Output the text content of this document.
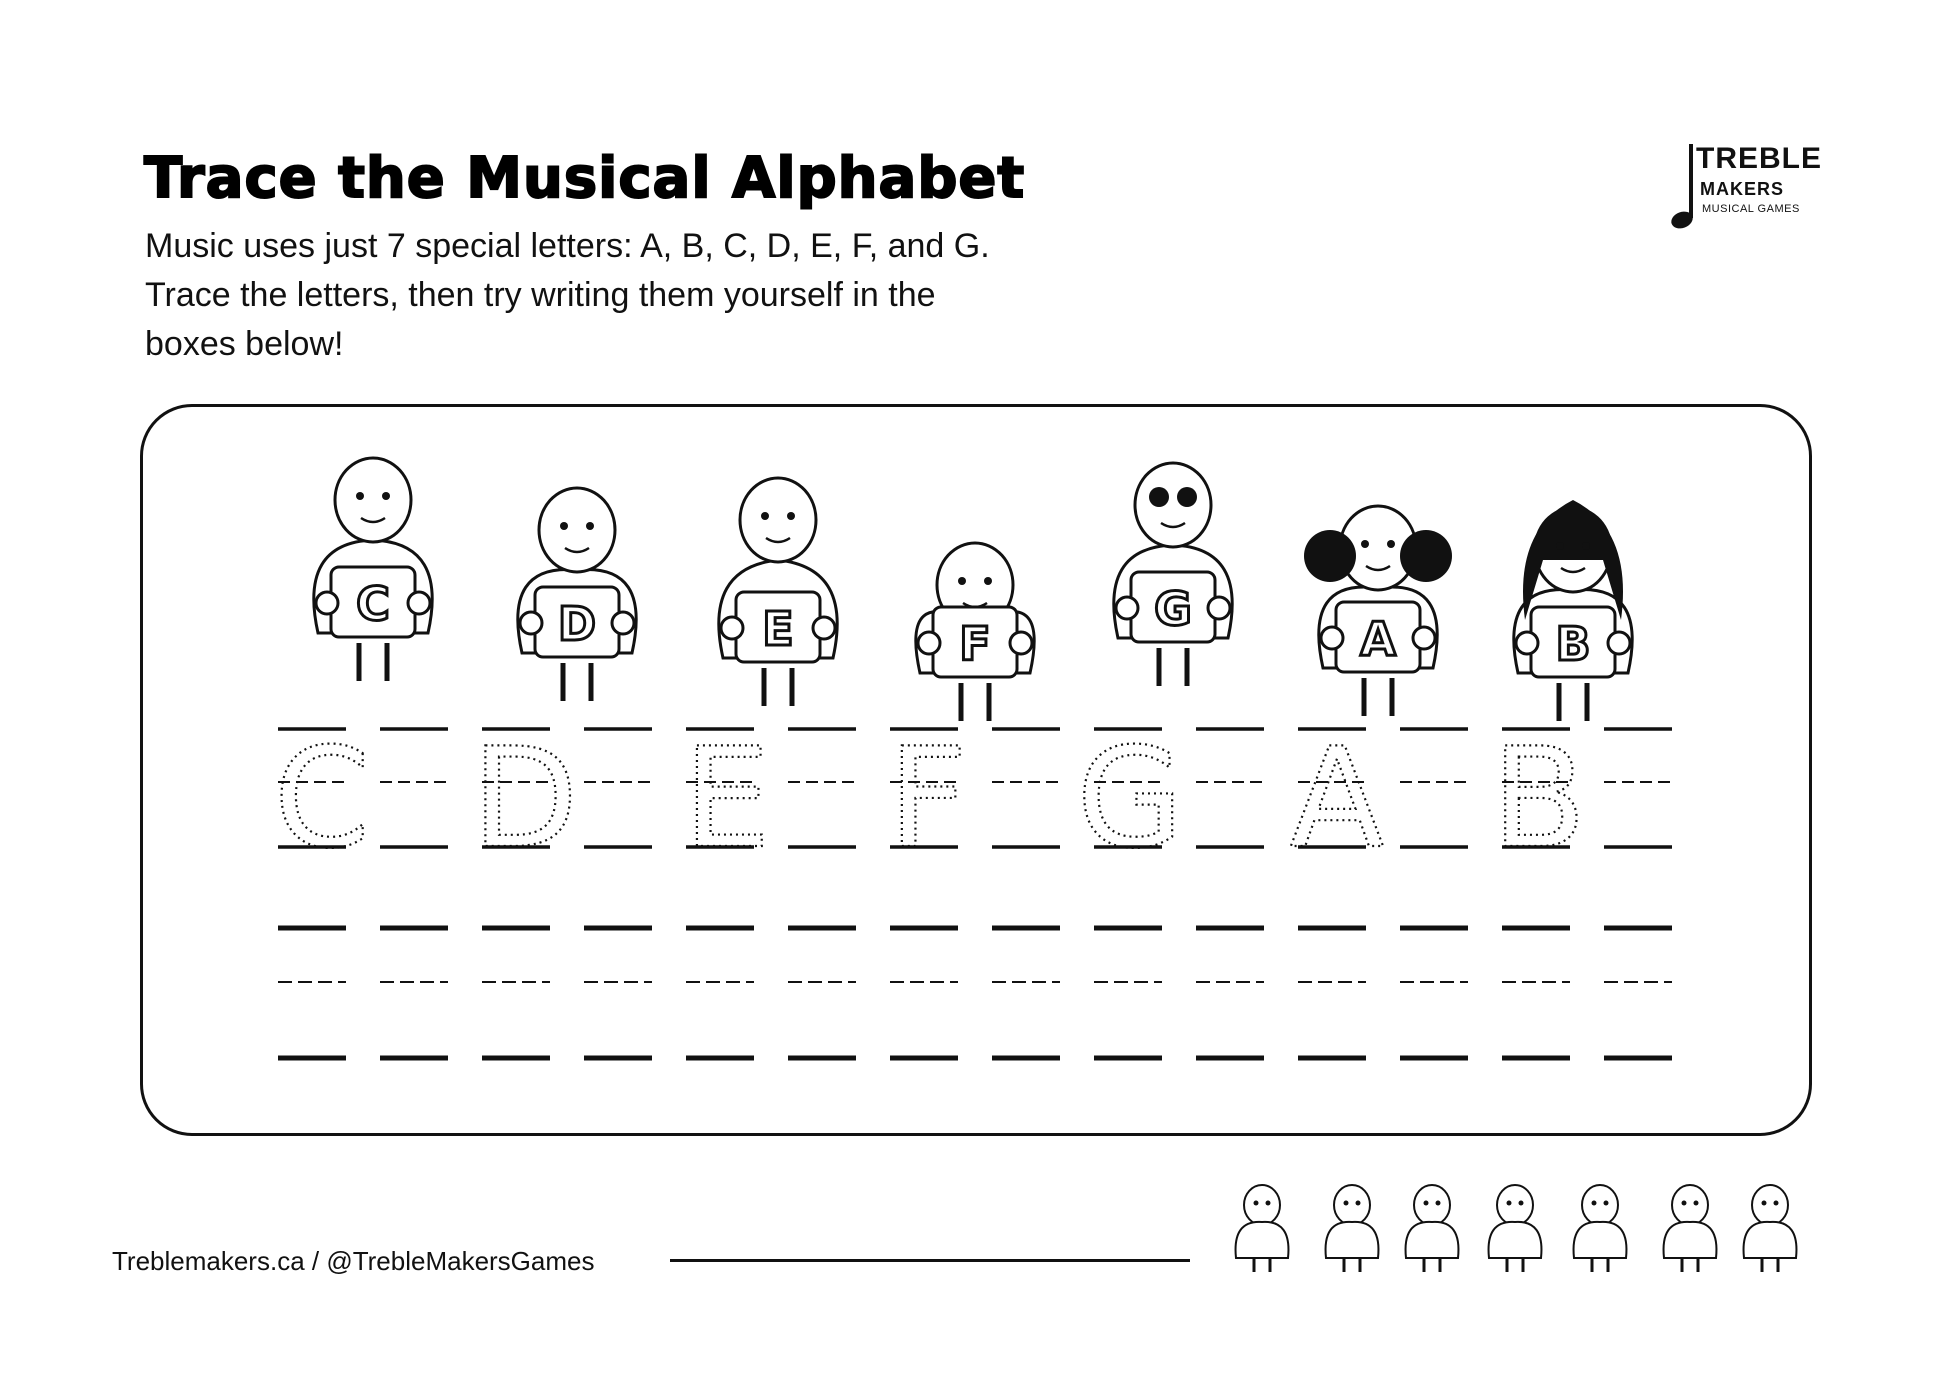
Trace the Musical Alphabet

Music uses just 7 special letters: A, B, C, D, E, F, and G.

Trace the letters, then try writing them yourself in the

boxes below!

TREBLE
MAKERS
MUSICAL GAMES
C	D	E	F
G
A	B
C D E F G A B
Treblemakers.ca / @TrebleMakersGames
